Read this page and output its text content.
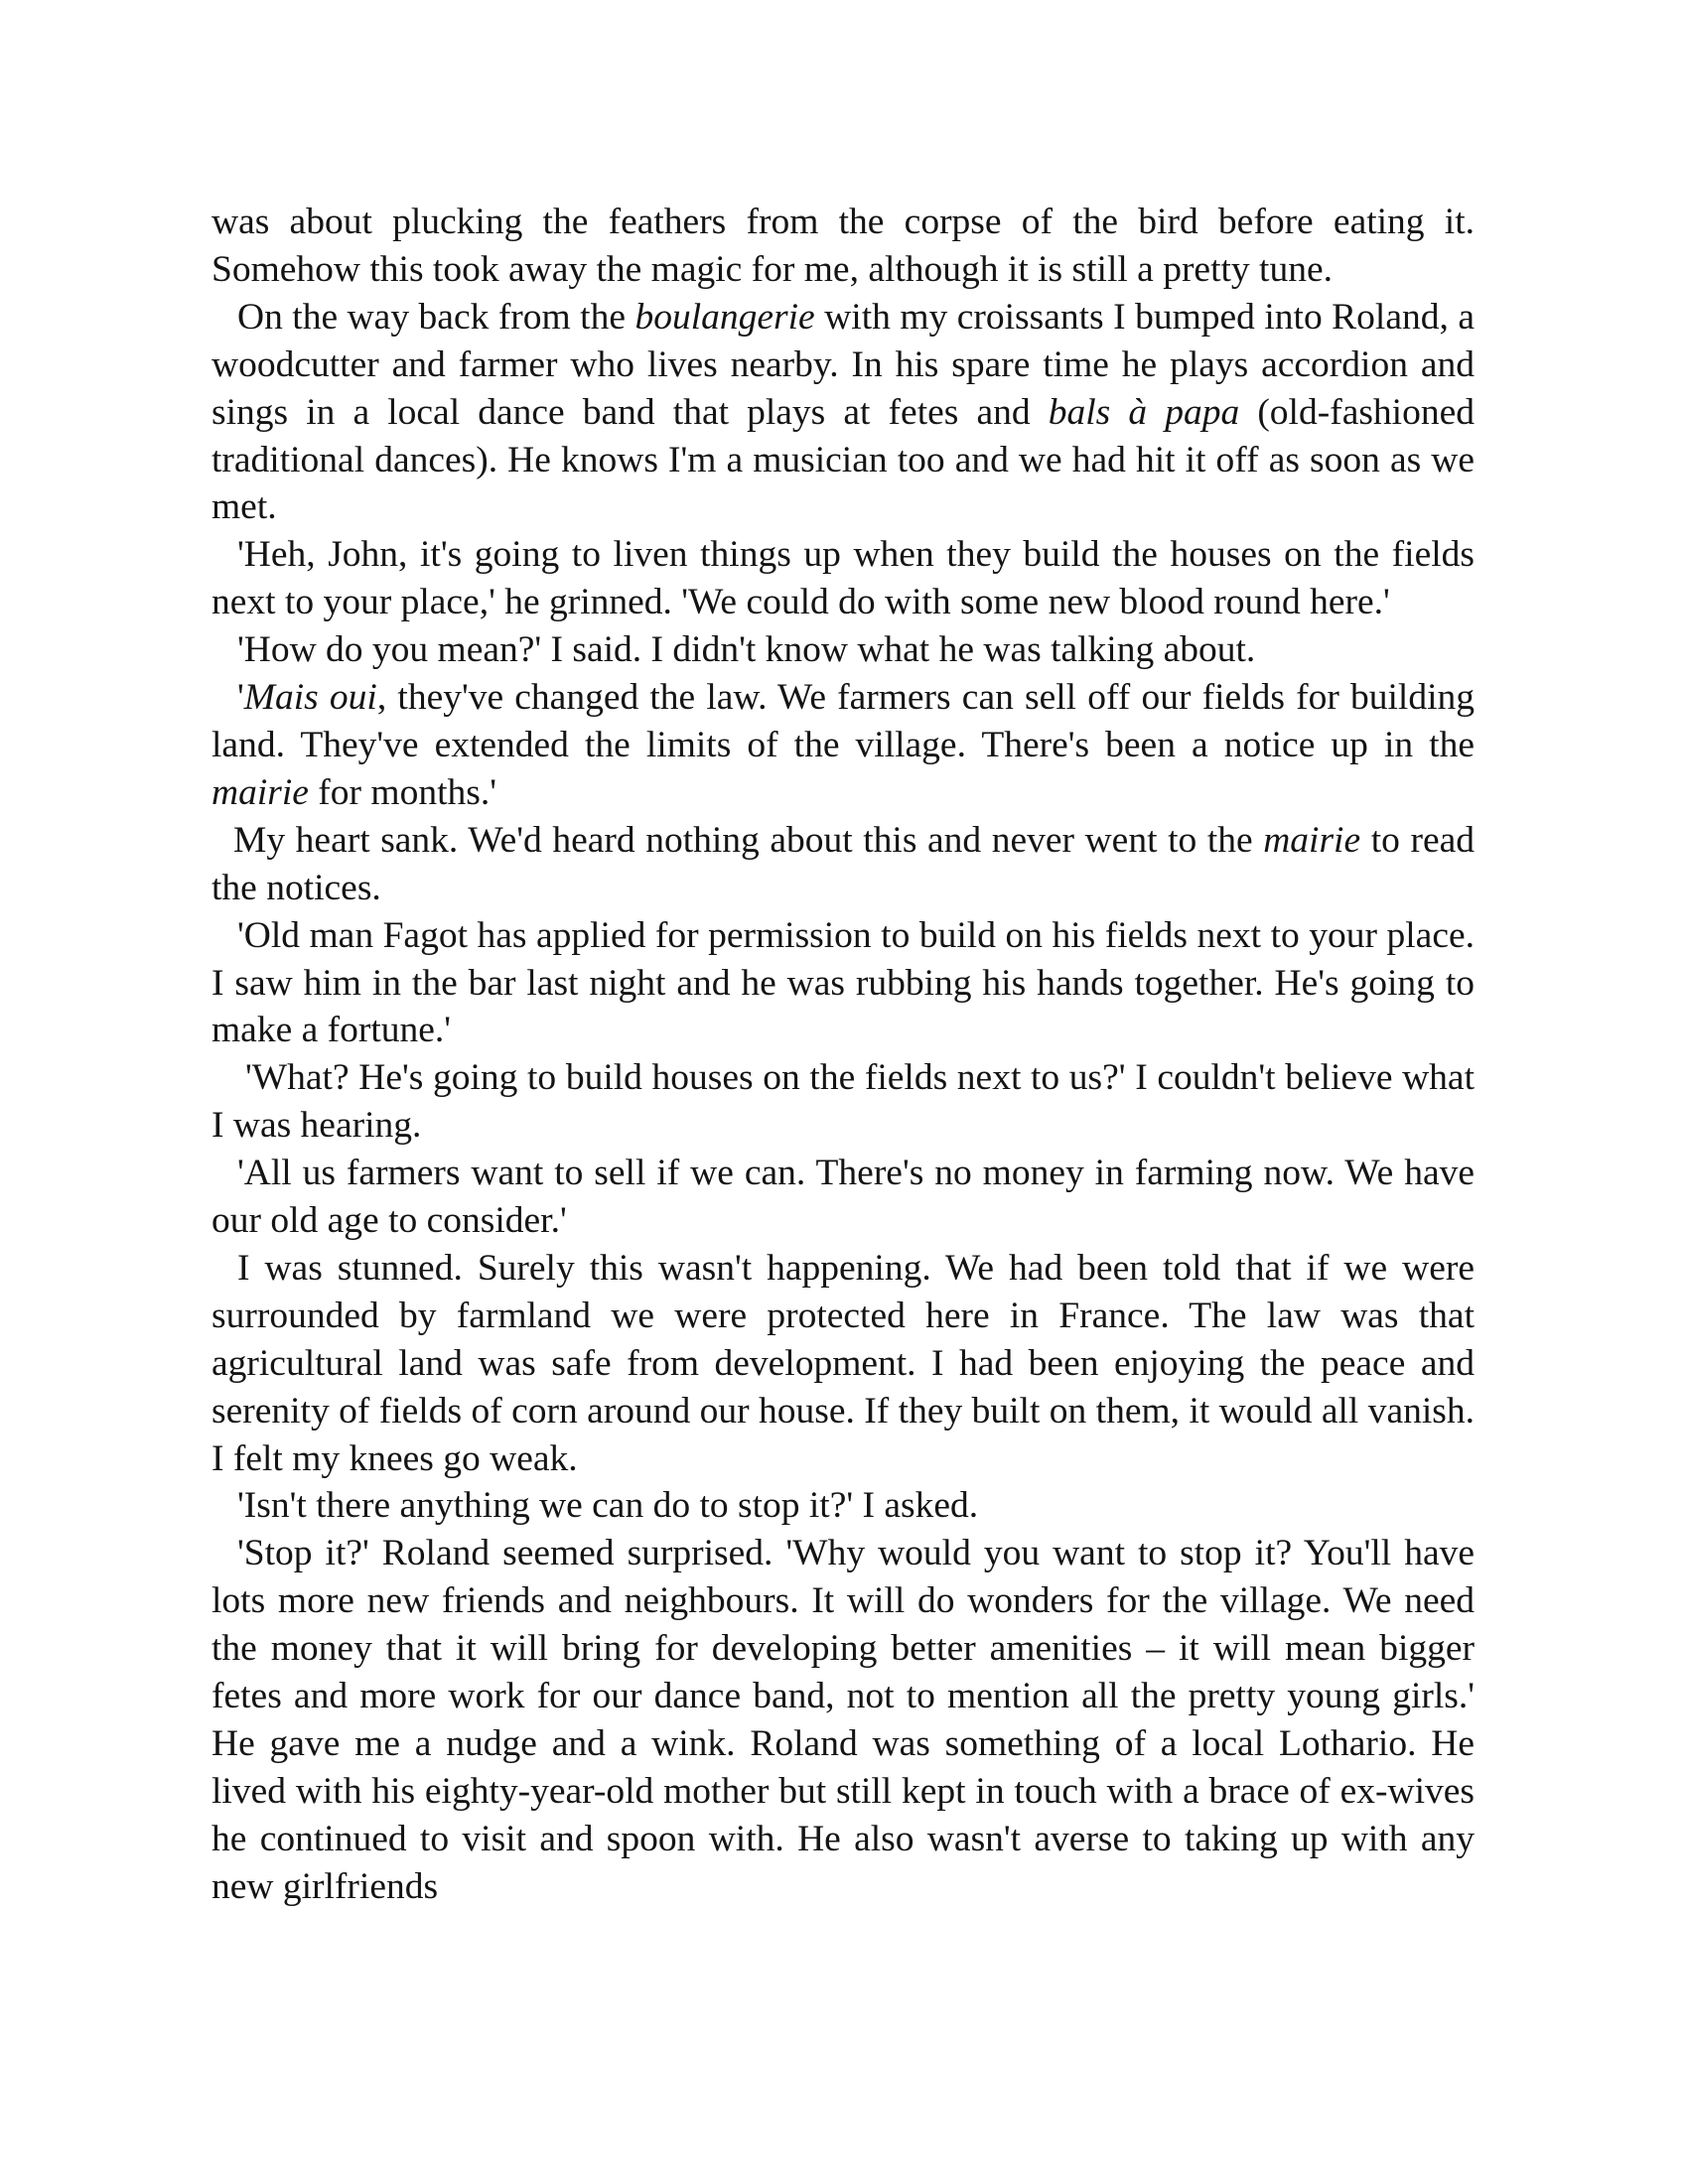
was about plucking the feathers from the corpse of the bird before eating it. Somehow this took away the magic for me, although it is still a pretty tune.

On the way back from the boulangerie with my croissants I bumped into Roland, a woodcutter and farmer who lives nearby. In his spare time he plays accordion and sings in a local dance band that plays at fetes and bals à papa (old-fashioned traditional dances). He knows I'm a musician too and we had hit it off as soon as we met.

'Heh, John, it's going to liven things up when they build the houses on the fields next to your place,' he grinned. 'We could do with some new blood round here.'

'How do you mean?' I said. I didn't know what he was talking about.

'Mais oui, they've changed the law. We farmers can sell off our fields for building land. They've extended the limits of the village. There's been a notice up in the mairie for months.'

My heart sank. We'd heard nothing about this and never went to the mairie to read the notices.

'Old man Fagot has applied for permission to build on his fields next to your place. I saw him in the bar last night and he was rubbing his hands together. He's going to make a fortune.'

'What? He's going to build houses on the fields next to us?' I couldn't believe what I was hearing.

'All us farmers want to sell if we can. There's no money in farming now. We have our old age to consider.'

I was stunned. Surely this wasn't happening. We had been told that if we were surrounded by farmland we were protected here in France. The law was that agricultural land was safe from development. I had been enjoying the peace and serenity of fields of corn around our house. If they built on them, it would all vanish. I felt my knees go weak.

'Isn't there anything we can do to stop it?' I asked.

'Stop it?' Roland seemed surprised. 'Why would you want to stop it? You'll have lots more new friends and neighbours. It will do wonders for the village. We need the money that it will bring for developing better amenities – it will mean bigger fetes and more work for our dance band, not to mention all the pretty young girls.' He gave me a nudge and a wink. Roland was something of a local Lothario. He lived with his eighty-year-old mother but still kept in touch with a brace of ex-wives he continued to visit and spoon with. He also wasn't averse to taking up with any new girlfriends
